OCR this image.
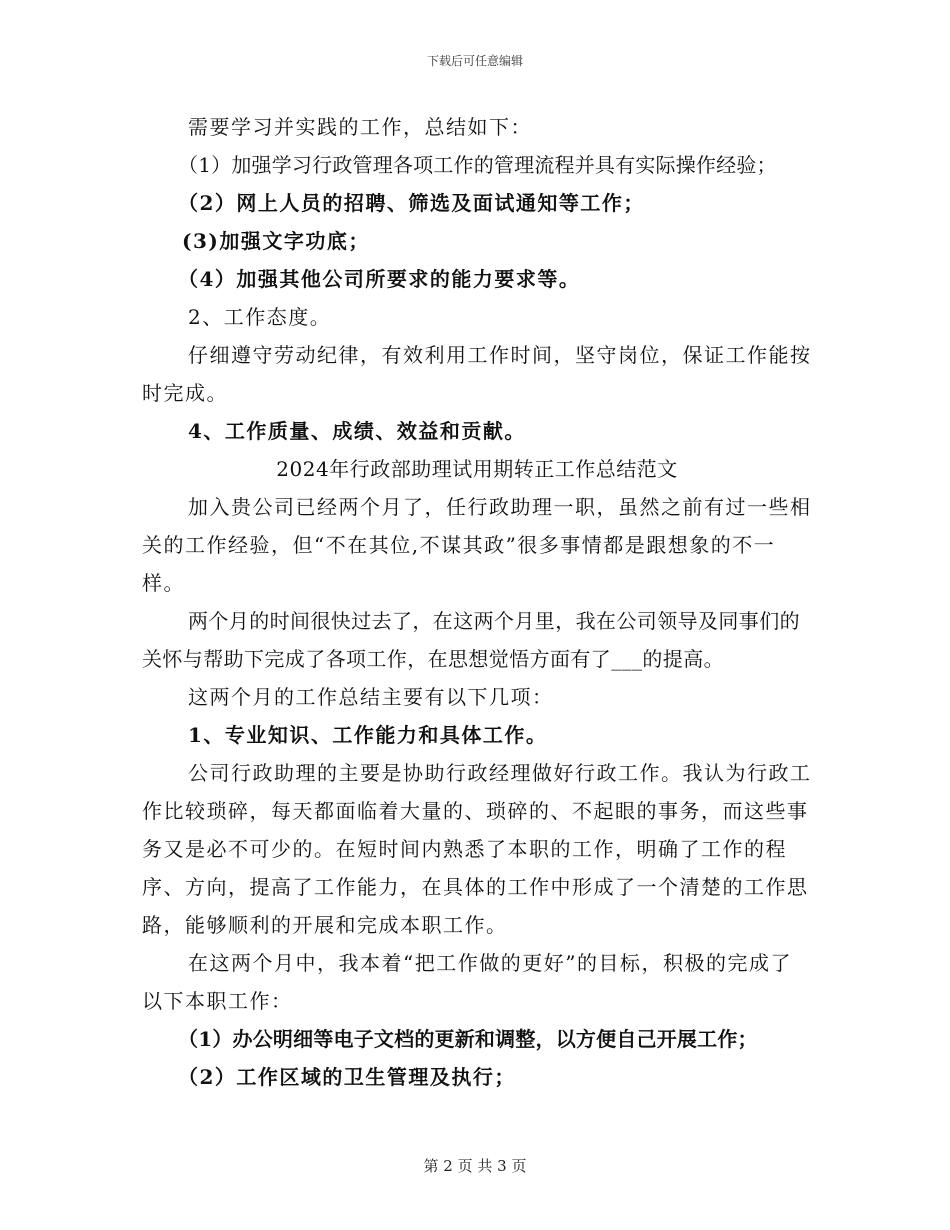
下载后可任意编辑

需要学习并实践的工作，总结如下：

（1）加强学习行政管理各项工作的管理流程并具有实际操作经验；

（2）网上人员的招聘、筛选及面试通知等工作；

(3)加强文字功底；

（4）加强其他公司所要求的能力要求等。

2、工作态度。

仔细遵守劳动纪律，有效利用工作时间，坚守岗位，保证工作能按时完成。

4、工作质量、成绩、效益和贡献。

2024年行政部助理试用期转正工作总结范文

加入贵公司已经两个月了，任行政助理一职，虽然之前有过一些相关的工作经验，但“不在其位,不谋其政”很多事情都是跟想象的不一样。

两个月的时间很快过去了，在这两个月里，我在公司领导及同事们的关怀与帮助下完成了各项工作，在思想觉悟方面有了___的提高。

这两个月的工作总结主要有以下几项：

1、专业知识、工作能力和具体工作。

公司行政助理的主要是协助行政经理做好行政工作。我认为行政工作比较琐碎，每天都面临着大量的、琐碎的、不起眼的事务，而这些事务又是必不可少的。在短时间内熟悉了本职的工作，明确了工作的程序、方向，提高了工作能力，在具体的工作中形成了一个清楚的工作思路，能够顺利的开展和完成本职工作。

在这两个月中，我本着“把工作做的更好”的目标，积极的完成了以下本职工作：

（1）办公明细等电子文档的更新和调整，以方便自己开展工作；

（2）工作区域的卫生管理及执行；

第 2 页 共 3 页
